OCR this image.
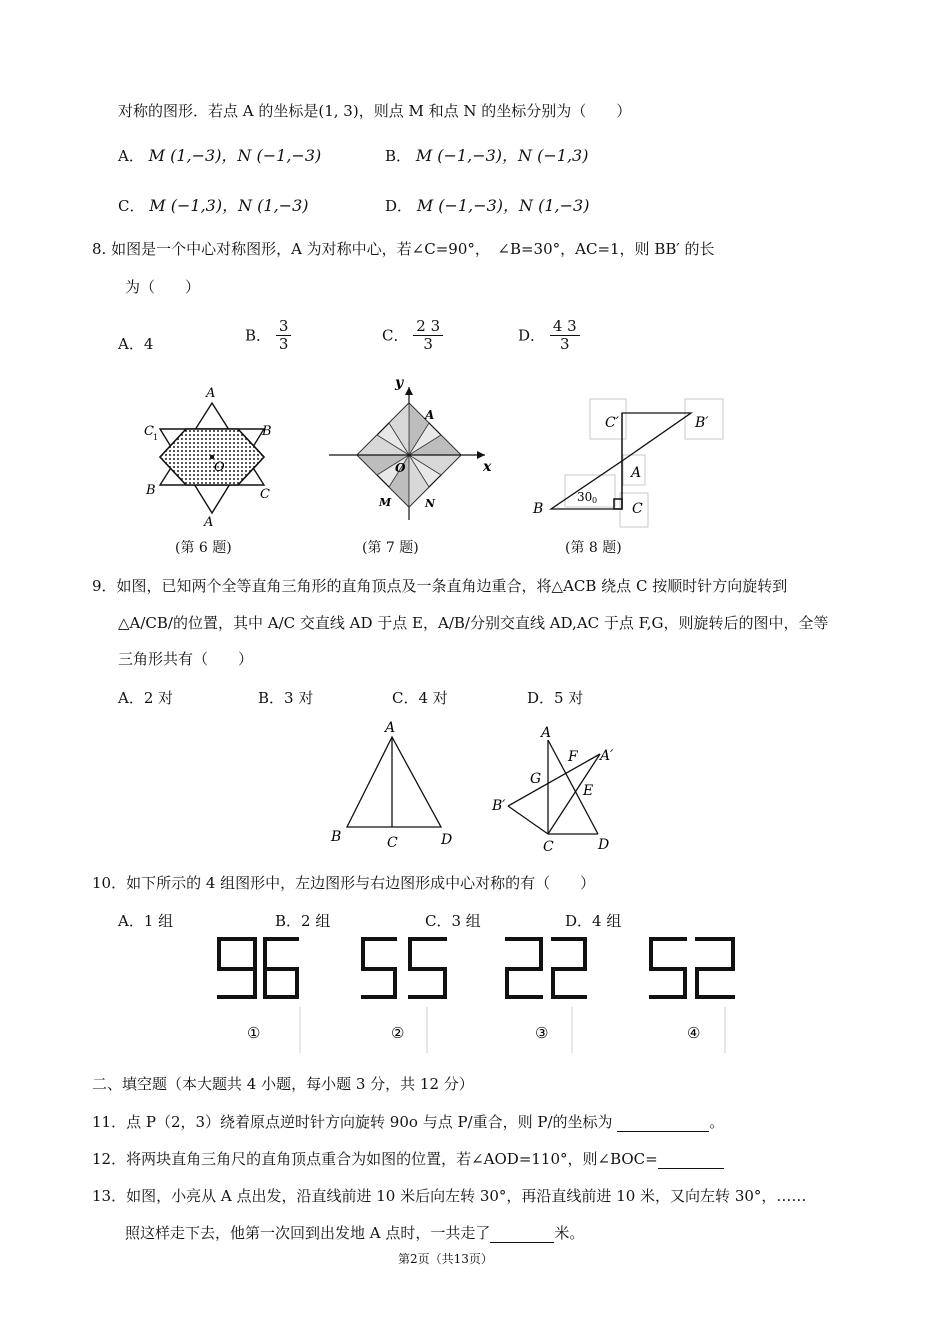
对称的图形．若点 A 的坐标是(1, 3)，则点 M 和点 N 的坐标分别为（　　）
A． M (1,−3)，N (−1,−3)	B． M (−1,−3)，N (−1,3)
C． M (−1,3)，N (1,−3)	D． M (−1,−3)，N (1,−3)
8. 如图是一个中心对称图形，A 为对称中心，若∠C=90°，　∠B=30°，AC=1，则 BB′ 的长
为（　　）
A．4	B． $\frac{3}{3}$	C． $\frac{2 3}{3}$	D． $\frac{4 3}{3}$
A
B
C
A
B
C 1
O
(第 6 题)
y
x
A
O
M	N
(第 7 题)
C′	B′
A
B	C
30 0
(第 8 题)
9．如图，已知两个全等直角三角形的直角顶点及一条直角边重合，将△ACB 绕点 C 按顺时针方向旋转到
△A/CB/的位置，其中 A/C 交直线 AD 于点 E，A/B/分别交直线 AD,AC 于点 F,G，则旋转后的图中，全等
三角形共有（　　）
A．2 对	B．3 对	C．4 对	D．5 对
A
B	C	D
A
F A′
G
E
B′
C	D
10．如下所示的 4 组图形中，左边图形与右边图形成中心对称的有（　　）
A．1 组	B．2 组	C．3 组	D．4 组
①	②	③	④
二、填空题（本大题共 4 小题，每小题 3 分，共 12 分）
11．点 P（2，3）绕着原点逆时针方向旋转 90o 与点 P/重合，则 P/的坐标为	。
12．将两块直角三角尺的直角顶点重合为如图的位置，若∠AOD=110°，则∠BOC=
13．如图，小亮从 A 点出发，沿直线前进 10 米后向左转 30°，再沿直线前进 10 米，又向左转 30°，……
照这样走下去，他第一次回到出发地 A 点时，一共走了	米。
第2页（共13页）
